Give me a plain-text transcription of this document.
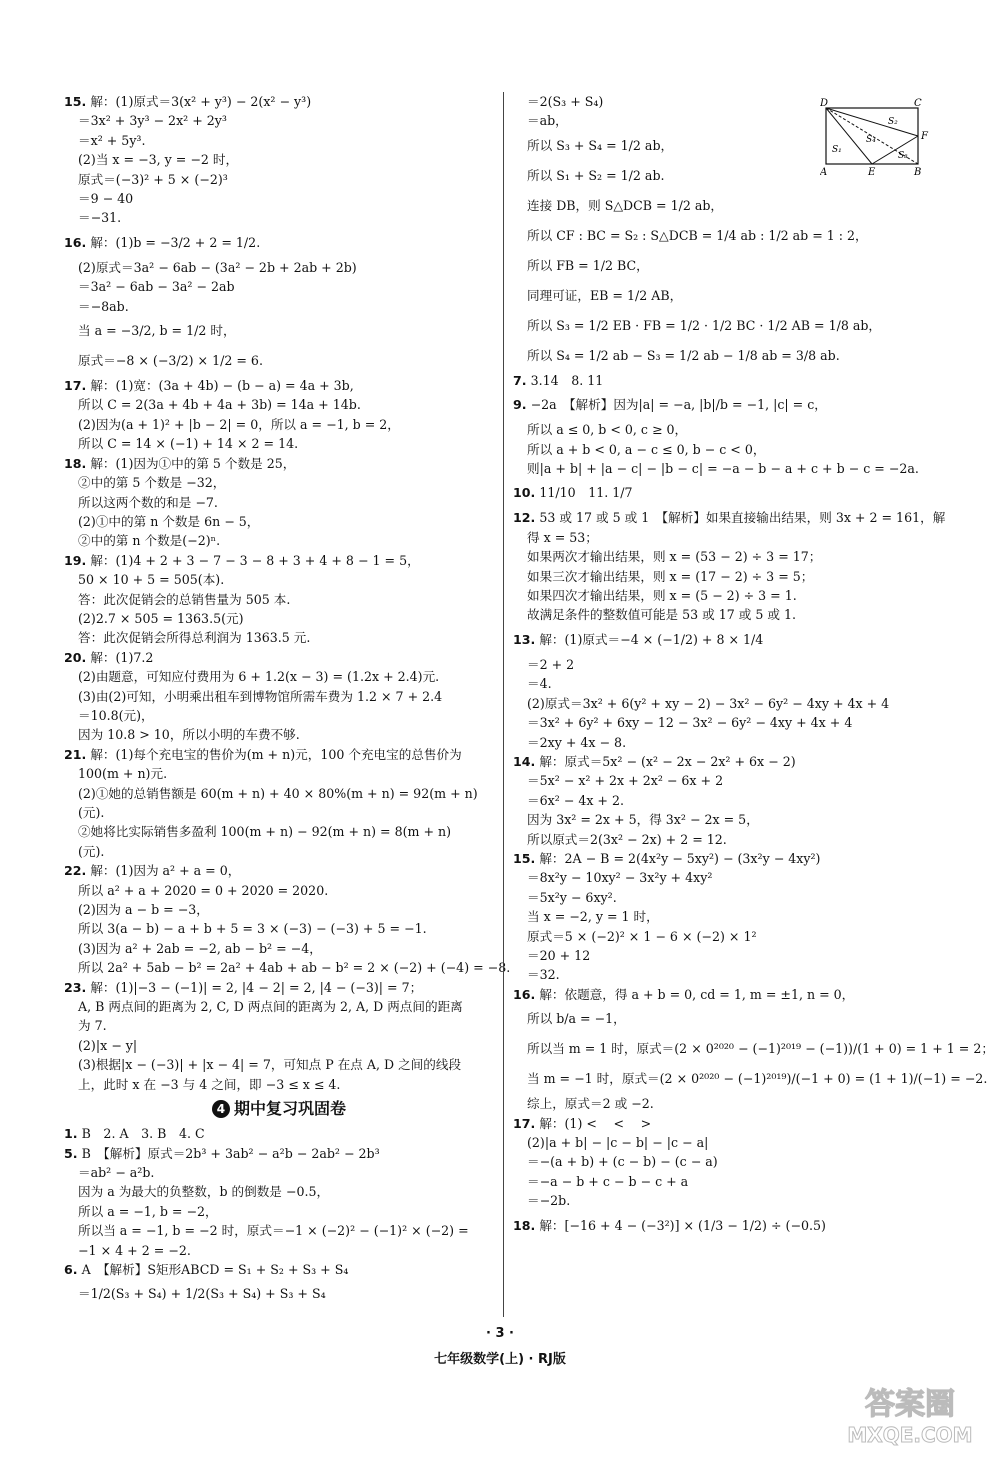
15. 解：(1)原式＝3(x² + y³) − 2(x² − y³)
＝3x² + 3y³ − 2x² + 2y³
＝x² + 5y³.
(2)当 x = −3, y = −2 时，
原式＝(−3)² + 5 × (−2)³
＝9 − 40
＝−31.
16. 解：(1)b = −3/2 + 2 = 1/2.
(2)原式＝3a² − 6ab − (3a² − 2b + 2ab + 2b)
＝3a² − 6ab − 3a² − 2ab
＝−8ab.
当 a = −3/2, b = 1/2 时，
原式＝−8 × (−3/2) × 1/2 = 6.
17. 解：(1)宽：(3a + 4b) − (b − a) = 4a + 3b,
所以 C = 2(3a + 4b + 4a + 3b) = 14a + 14b.
(2)因为(a + 1)² + |b − 2| = 0，所以 a = −1, b = 2，
所以 C = 14 × (−1) + 14 × 2 = 14.
18. 解：(1)因为①中的第 5 个数是 25，
②中的第 5 个数是 −32，
所以这两个数的和是 −7.
(2)①中的第 n 个数是 6n − 5，
②中的第 n 个数是(−2)ⁿ.
19. 解：(1)4 + 2 + 3 − 7 − 3 − 8 + 3 + 4 + 8 − 1 = 5，
50 × 10 + 5 = 505(本).
答：此次促销会的总销售量为 505 本.
(2)2.7 × 505 = 1363.5(元)
答：此次促销会所得总利润为 1363.5 元.
20. 解：(1)7.2
(2)由题意，可知应付费用为 6 + 1.2(x − 3) = (1.2x + 2.4)元.
(3)由(2)可知，小明乘出租车到博物馆所需车费为 1.2 × 7 + 2.4
＝10.8(元)，
因为 10.8 > 10，所以小明的车费不够.
21. 解：(1)每个充电宝的售价为(m + n)元，100 个充电宝的总售价为
100(m + n)元.
(2)①她的总销售额是 60(m + n) + 40 × 80%(m + n) = 92(m + n)
(元).
②她将比实际销售多盈利 100(m + n) − 92(m + n) = 8(m + n)
(元).
22. 解：(1)因为 a² + a = 0，
所以 a² + a + 2020 = 0 + 2020 = 2020.
(2)因为 a − b = −3，
所以 3(a − b) − a + b + 5 = 3 × (−3) − (−3) + 5 = −1.
(3)因为 a² + 2ab = −2, ab − b² = −4，
所以 2a² + 5ab − b² = 2a² + 4ab + ab − b² = 2 × (−2) + (−4) = −8.
23. 解：(1)|−3 − (−1)| = 2, |4 − 2| = 2, |4 − (−3)| = 7；
A, B 两点间的距离为 2, C, D 两点间的距离为 2, A, D 两点间的距离
为 7.
(2)|x − y|
(3)根据|x − (−3)| + |x − 4| = 7，可知点 P 在点 A, D 之间的线段
上，此时 x 在 −3 与 4 之间，即 −3 ≤ x ≤ 4.
4 期中复习巩固卷
1. B　2. A　3. B　4. C
5. B　【解析】原式＝2b³ + 3ab² − a²b − 2ab² − 2b³
＝ab² − a²b.
因为 a 为最大的负整数，b 的倒数是 −0.5，
所以 a = −1, b = −2，
所以当 a = −1, b = −2 时，原式＝−1 × (−2)² − (−1)² × (−2) =
−1 × 4 + 2 = −2.
6. A　【解析】S矩形ABCD = S₁ + S₂ + S₃ + S₄
＝1/2(S₃ + S₄) + 1/2(S₃ + S₄) + S₃ + S₄
＝2(S₃ + S₄)
＝ab，
所以 S₃ + S₄ = 1/2 ab，
所以 S₁ + S₂ = 1/2 ab.
连接 DB，则 S△DCB = 1/2 ab，
所以 CF : BC = S₂ : S△DCB = 1/4 ab : 1/2 ab = 1 : 2，
所以 FB = 1/2 BC，
同理可证，EB = 1/2 AB，
所以 S₃ = 1/2 EB · FB = 1/2 · 1/2 BC · 1/2 AB = 1/8 ab，
所以 S₄ = 1/2 ab − S₃ = 1/2 ab − 1/8 ab = 3/8 ab.
7. 3.14　8. 11
9. −2a　【解析】因为|a| = −a, |b|/b = −1, |c| = c，
所以 a ≤ 0, b < 0, c ≥ 0，
所以 a + b < 0, a − c ≤ 0, b − c < 0，
则|a + b| + |a − c| − |b − c| = −a − b − a + c + b − c = −2a.
10. 11/10　11. 1/7
12. 53 或 17 或 5 或 1　【解析】如果直接输出结果，则 3x + 2 = 161，解
得 x = 53；
如果两次才输出结果，则 x = (53 − 2) ÷ 3 = 17；
如果三次才输出结果，则 x = (17 − 2) ÷ 3 = 5；
如果四次才输出结果，则 x = (5 − 2) ÷ 3 = 1.
故满足条件的整数值可能是 53 或 17 或 5 或 1.
13. 解：(1)原式＝−4 × (−1/2) + 8 × 1/4
＝2 + 2
＝4.
(2)原式＝3x² + 6(y² + xy − 2) − 3x² − 6y² − 4xy + 4x + 4
＝3x² + 6y² + 6xy − 12 − 3x² − 6y² − 4xy + 4x + 4
＝2xy + 4x − 8.
14. 解：原式＝5x² − (x² − 2x − 2x² + 6x − 2)
＝5x² − x² + 2x + 2x² − 6x + 2
＝6x² − 4x + 2.
因为 3x² = 2x + 5，得 3x² − 2x = 5，
所以原式＝2(3x² − 2x) + 2 = 12.
15. 解：2A − B = 2(4x²y − 5xy²) − (3x²y − 4xy²)
＝8x²y − 10xy² − 3x²y + 4xy²
＝5x²y − 6xy².
当 x = −2, y = 1 时，
原式＝5 × (−2)² × 1 − 6 × (−2) × 1²
＝20 + 12
＝32.
16. 解：依题意，得 a + b = 0, cd = 1, m = ±1, n = 0，
所以 b/a = −1，
所以当 m = 1 时，原式＝(2 × 0²⁰²⁰ − (−1)²⁰¹⁹ − (−1))/(1 + 0) = 1 + 1 = 2；
当 m = −1 时，原式＝(2 × 0²⁰²⁰ − (−1)²⁰¹⁹)/(−1 + 0) = (1 + 1)/(−1) = −2.
综上，原式＝2 或 −2.
17. 解：(1) <　 <　 >
(2)|a + b| − |c − b| − |c − a|
＝−(a + b) + (c − b) − (c − a)
＝−a − b + c − b − c + a
＝−2b.
18. 解：[−16 + 4 − (−3²)] × (1/3 − 1/2) ÷ (−0.5)
D	C
F
A	E	B
S₁
S₂
S₃
S₄
· 3 ·
七年级数学(上) · RJ版
答案圈
MXQE.COM
